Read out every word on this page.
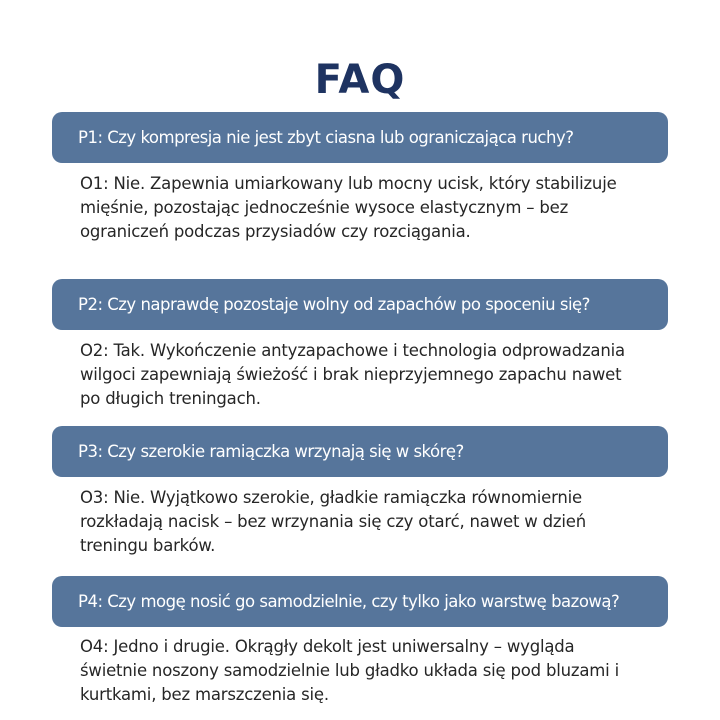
FAQ
P1: Czy kompresja nie jest zbyt ciasna lub ograniczająca ruchy?

O1: Nie. Zapewnia umiarkowany lub mocny ucisk, który stabilizuje
mięśnie, pozostając jednocześnie wysoce elastycznym – bez
ograniczeń podczas przysiadów czy rozciągania.

P2: Czy naprawdę pozostaje wolny od zapachów po spoceniu się?

O2: Tak. Wykończenie antyzapachowe i technologia odprowadzania
wilgoci zapewniają świeżość i brak nieprzyjemnego zapachu nawet
po długich treningach.

P3: Czy szerokie ramiączka wrzynają się w skórę?

O3: Nie. Wyjątkowo szerokie, gładkie ramiączka równomiernie
rozkładają nacisk – bez wrzynania się czy otarć, nawet w dzień
treningu barków.

P4: Czy mogę nosić go samodzielnie, czy tylko jako warstwę bazową?

O4: Jedno i drugie. Okrągły dekolt jest uniwersalny – wygląda
świetnie noszony samodzielnie lub gładko układa się pod bluzami i
kurtkami, bez marszczenia się.
